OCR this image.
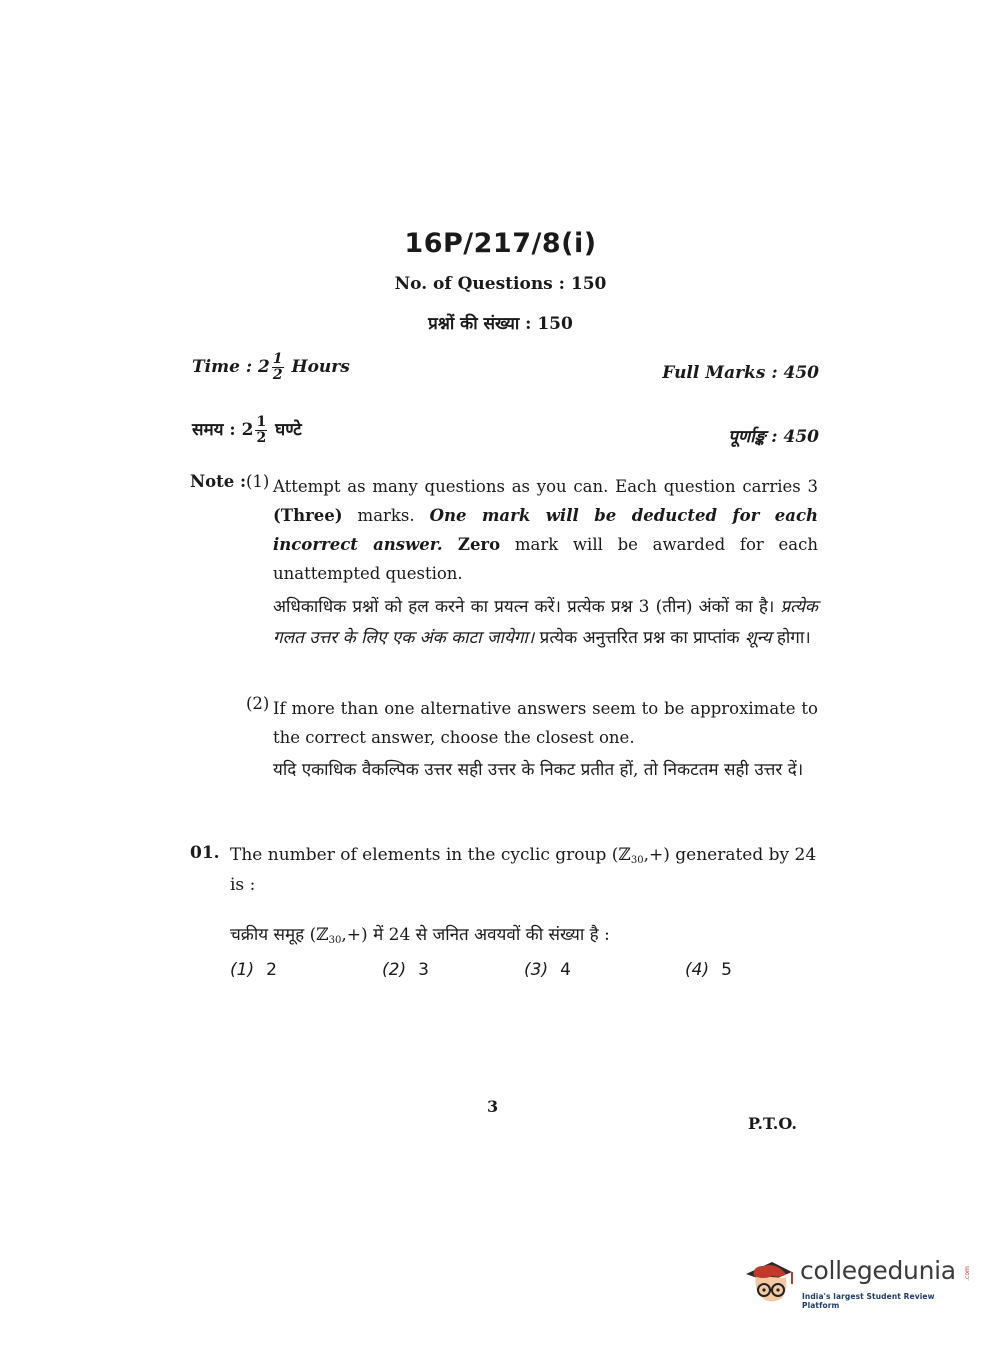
16P/217/8(i)
No. of Questions : 150
प्रश्नों की संख्या : 150
Time : $2 \frac{1}{2}$ Hours
समय : $2 \frac{1}{2}$ घण्टे
Full Marks : 450
पूर्णाङ्क : 450
Note : (1) Attempt as many questions as you can. Each question carries 3 (Three) marks. One mark will be deducted for each incorrect answer. Zero mark will be awarded for each unattempted question.
अधिकाधिक प्रश्नों को हल करने का प्रयत्न करें। प्रत्येक प्रश्न 3 (तीन) अंकों का है। प्रत्येक गलत उत्तर के लिए एक अंक काटा जायेगा। प्रत्येक अनुत्तरित प्रश्न का प्राप्तांक शून्य होगा।
(2) If more than one alternative answers seem to be approximate to the correct answer, choose the closest one.
यदि एकाधिक वैकल्पिक उत्तर सही उत्तर के निकट प्रतीत हों, तो निकटतम सही उत्तर दें।
01. The number of elements in the cyclic group (ℤ$_{30}$,+) generated by 24 is :
चक्रीय समूह (ℤ$_{30}$,+) में 24 से जनित अवयवों की संख्या है :
(1) 2	(2) 3	(3) 4	(4) 5
3
P.T.O.
collegedunia .com
India's largest Student Review Platform
